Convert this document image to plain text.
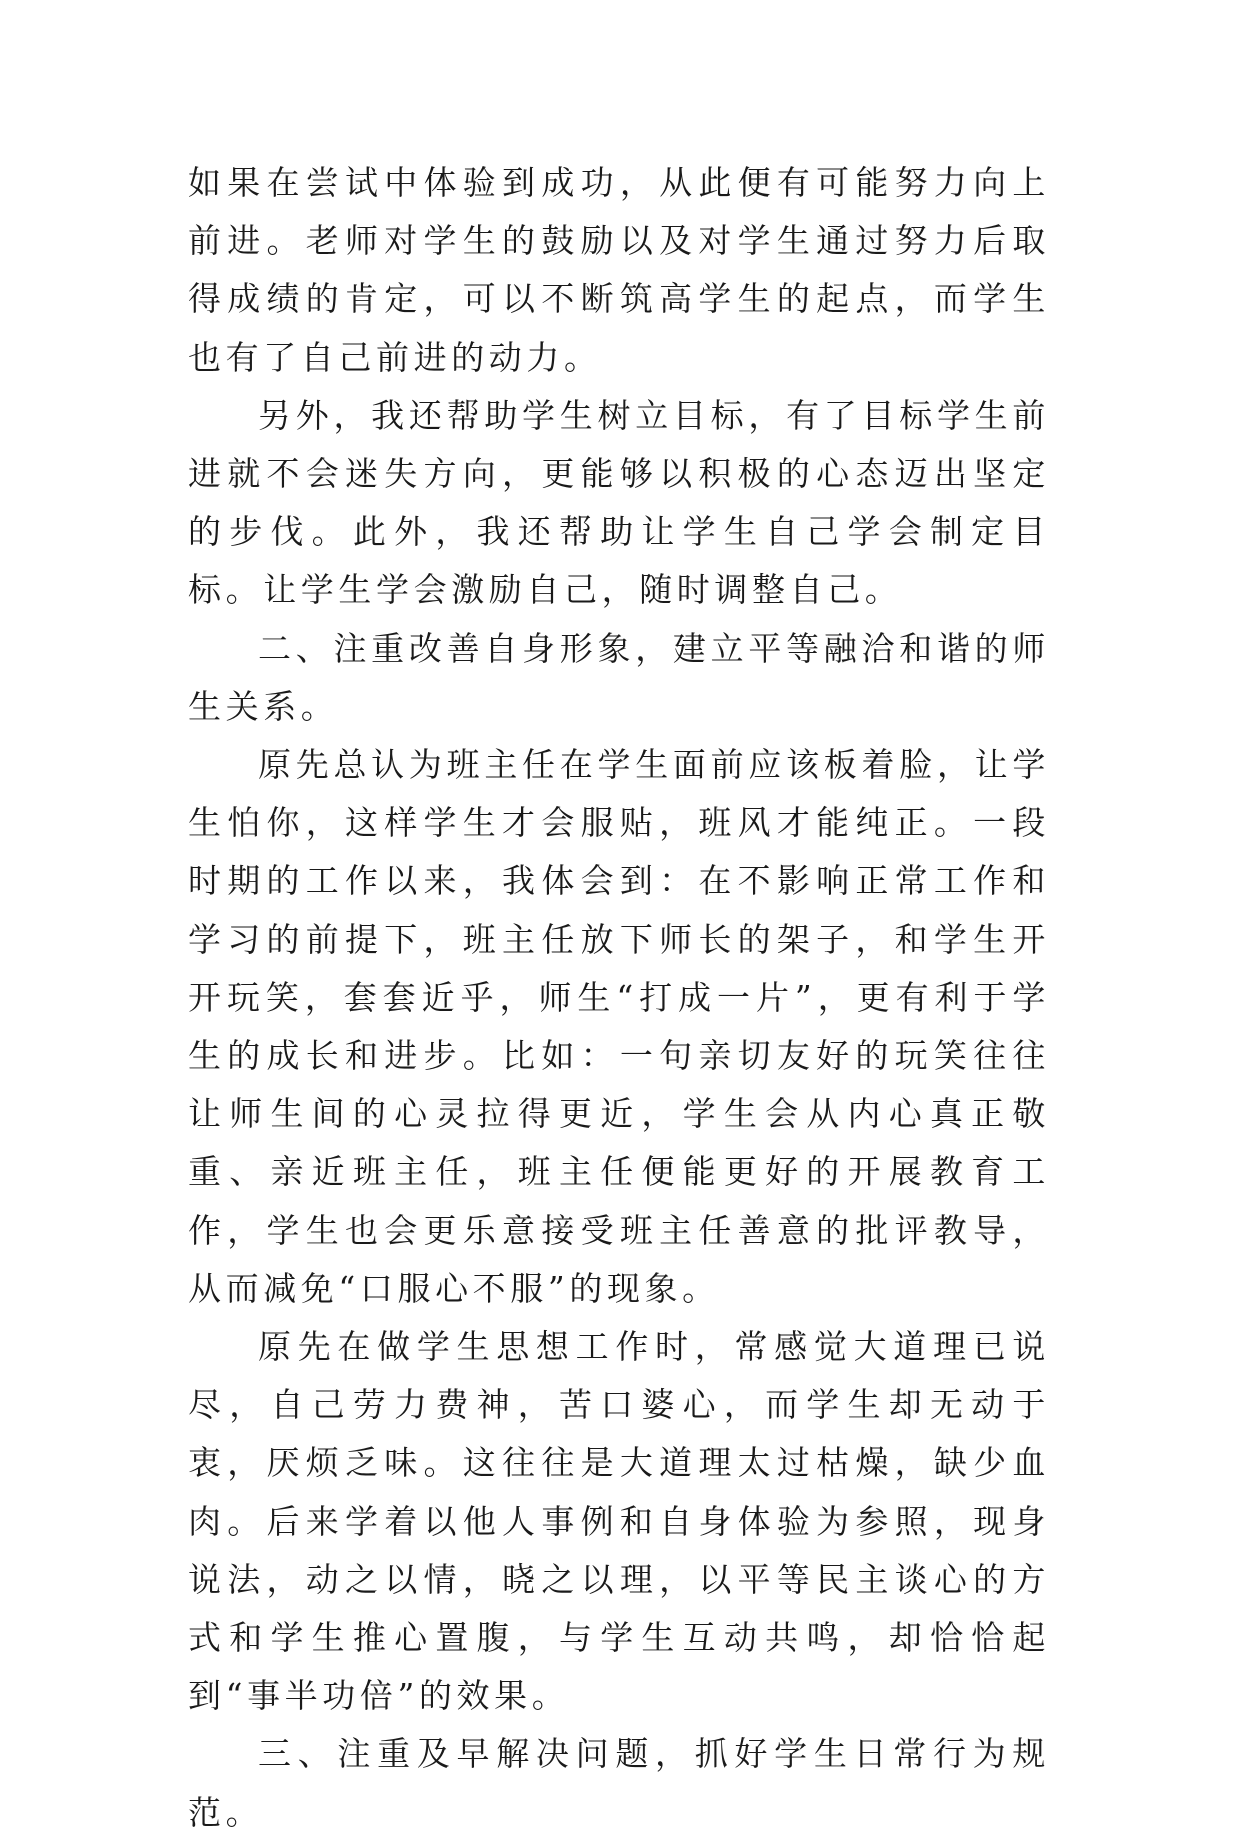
如果在尝试中体验到成功，从此便有可能努力向上前进。老师对学生的鼓励以及对学生通过努力后取得成绩的肯定，可以不断筑高学生的起点，而学生也有了自己前进的动力。

另外，我还帮助学生树立目标，有了目标学生前进就不会迷失方向，更能够以积极的心态迈出坚定的步伐。此外，我还帮助让学生自己学会制定目标。让学生学会激励自己，随时调整自己。

二、注重改善自身形象，建立平等融洽和谐的师生关系。

原先总认为班主任在学生面前应该板着脸，让学生怕你，这样学生才会服贴，班风才能纯正。一段时期的工作以来，我体会到：在不影响正常工作和学习的前提下，班主任放下师长的架子，和学生开开玩笑，套套近乎，师生“打成一片”，更有利于学生的成长和进步。比如：一句亲切友好的玩笑往往让师生间的心灵拉得更近，学生会从内心真正敬重、亲近班主任，班主任便能更好的开展教育工作，学生也会更乐意接受班主任善意的批评教导，从而减免“口服心不服”的现象。

原先在做学生思想工作时，常感觉大道理已说尽，自己劳力费神，苦口婆心，而学生却无动于衷，厌烦乏味。这往往是大道理太过枯燥，缺少血肉。后来学着以他人事例和自身体验为参照，现身说法，动之以情，晓之以理，以平等民主谈心的方式和学生推心置腹，与学生互动共鸣，却恰恰起到“事半功倍”的效果。

三、注重及早解决问题，抓好学生日常行为规范。
